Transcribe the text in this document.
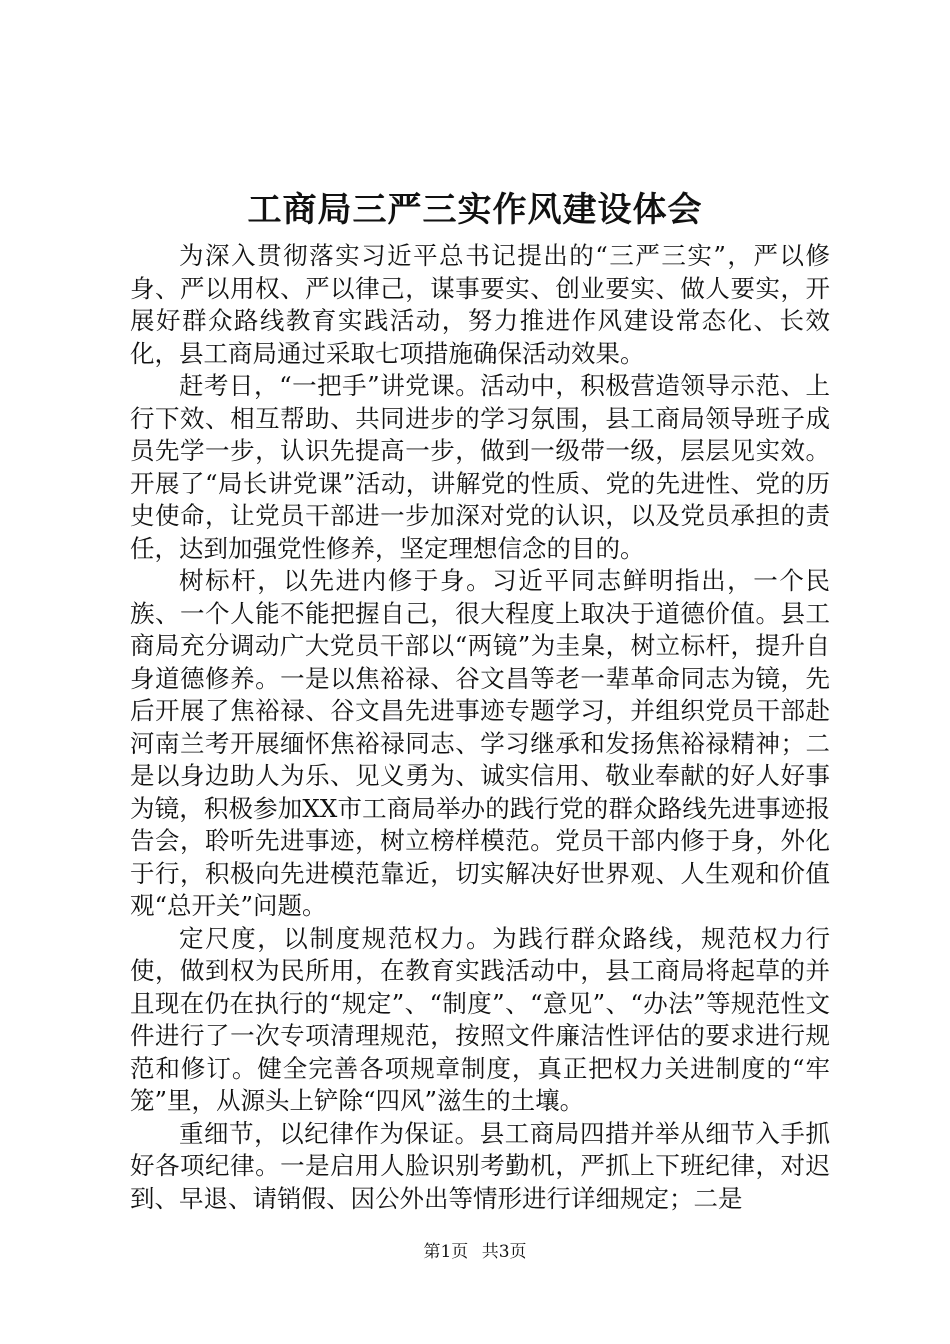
工商局三严三实作风建设体会

为深入贯彻落实习近平总书记提出的“三严三实”，严以修身、严以用权、严以律己，谋事要实、创业要实、做人要实，开展好群众路线教育实践活动，努力推进作风建设常态化、长效化，县工商局通过采取七项措施确保活动效果。

赶考日，“一把手”讲党课。活动中，积极营造领导示范、上行下效、相互帮助、共同进步的学习氛围，县工商局领导班子成员先学一步，认识先提高一步，做到一级带一级，层层见实效。开展了“局长讲党课”活动，讲解党的性质、党的先进性、党的历史使命，让党员干部进一步加深对党的认识，以及党员承担的责任，达到加强党性修养，坚定理想信念的目的。

树标杆，以先进内修于身。习近平同志鲜明指出，一个民族、一个人能不能把握自己，很大程度上取决于道德价值。县工商局充分调动广大党员干部以“两镜”为圭臬，树立标杆，提升自身道德修养。一是以焦裕禄、谷文昌等老一辈革命同志为镜，先后开展了焦裕禄、谷文昌先进事迹专题学习，并组织党员干部赴河南兰考开展缅怀焦裕禄同志、学习继承和发扬焦裕禄精神；二是以身边助人为乐、见义勇为、诚实信用、敬业奉献的好人好事为镜，积极参加XX市工商局举办的践行党的群众路线先进事迹报告会，聆听先进事迹，树立榜样模范。党员干部内修于身，外化于行，积极向先进模范靠近，切实解决好世界观、人生观和价值观“总开关”问题。

定尺度，以制度规范权力。为践行群众路线，规范权力行使，做到权为民所用，在教育实践活动中，县工商局将起草的并且现在仍在执行的“规定”、“制度”、“意见”、“办法”等规范性文件进行了一次专项清理规范，按照文件廉洁性评估的要求进行规范和修订。健全完善各项规章制度，真正把权力关进制度的“牢笼”里，从源头上铲除“四风”滋生的土壤。

重细节，以纪律作为保证。县工商局四措并举从细节入手抓好各项纪律。一是启用人脸识别考勤机，严抓上下班纪律，对迟到、早退、请销假、因公外出等情形进行详细规定；二是

第1页 共3页
